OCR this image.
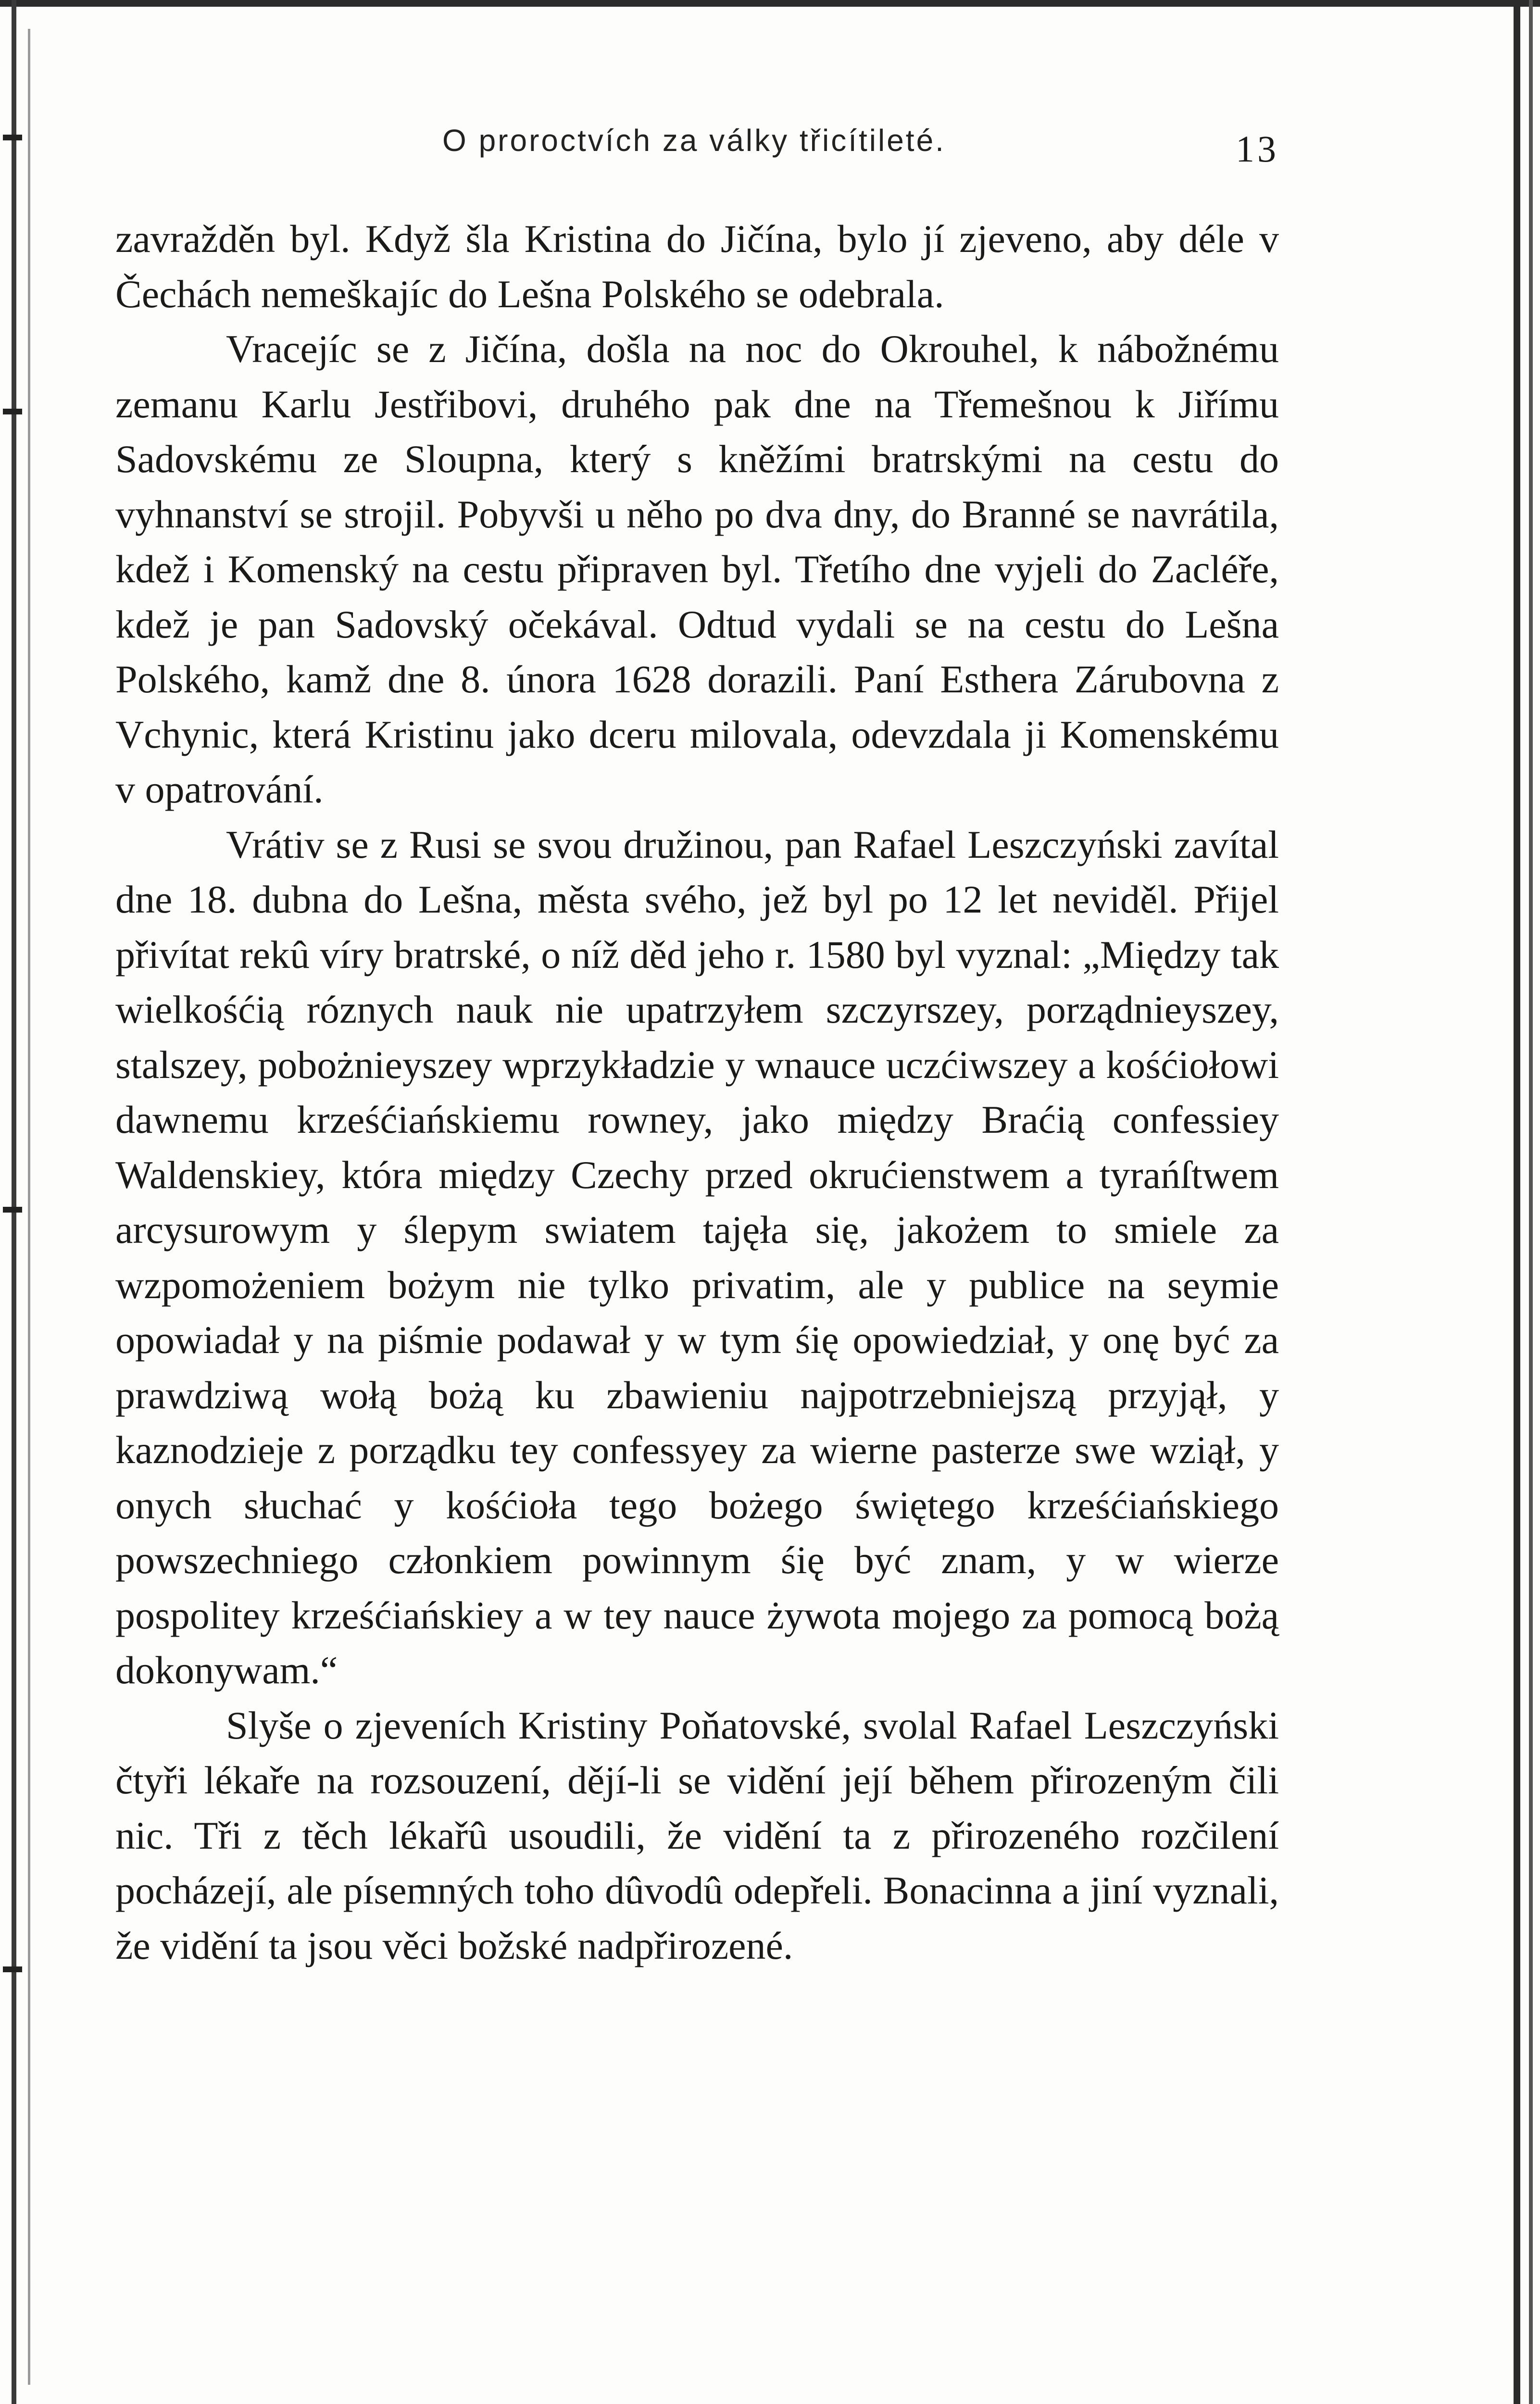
O proroctvích za války třicítileté.	13

zavražděn byl. Když šla Kristina do Jičína, bylo jí zjeveno, aby déle v Čechách nemeškajíc do Lešna Polského se odebrala.

Vracejíc se z Jičína, došla na noc do Okrouhel, k nábožnému zemanu Karlu Jestřibovi, druhého pak dne na Třemešnou k Jiřímu Sadovskému ze Sloupna, který s kněžími bratrskými na cestu do vyhnanství se strojil. Pobyvši u něho po dva dny, do Branné se navrátila, kdež i Komenský na cestu připraven byl. Třetího dne vyjeli do Zacléře, kdež je pan Sadovský očekával. Odtud vydali se na cestu do Lešna Polského, kamž dne 8. února 1628 dorazili. Paní Esthera Zárubovna z Vchynic, která Kristinu jako dceru milovala, odevzdala ji Komenskému v opatrování.

Vrátiv se z Rusi se svou družinou, pan Rafael Leszczyński zavítal dne 18. dubna do Lešna, města svého, jež byl po 12 let neviděl. Přijel přivítat rekû víry bratrské, o níž děd jeho r. 1580 byl vyznal: „Między tak wielkośćią róznych nauk nie upatrzyłem szczyrszey, porządnieyszey, stalszey, pobożnieyszey wprzykładzie y wnauce uczćiwszey a kośćiołowi dawnemu krześćiańskiemu rowney, jako między Braćią confessiey Waldenskiey, która między Czechy przed okrućienstwem a tyrańſtwem arcysurowym y ślepym swiatem tajęła się, jakożem to smiele za wzpomożeniem bożym nie tylko privatim, ale y publice na seymie opowiadał y na piśmie podawał y w tym śię opowiedział, y onę być za prawdziwą wołą bożą ku zbawieniu najpotrzebniejszą przyjął, y kaznodzieje z porządku tey confessyey za wierne pasterze swe wziął, y onych słuchać y kośćioła tego bożego świętego krześćiańskiego powszechniego członkiem powinnym śię być znam, y w wierze pospolitey krześćiańskiey a w tey nauce żywota mojego za pomocą bożą dokonywam.“

Slyše o zjeveních Kristiny Poňatovské, svolal Rafael Leszczyński čtyři lékaře na rozsouzení, dějí-li se vidění její během přirozeným čili nic. Tři z těch lékařû usoudili, že vidění ta z přirozeného rozčilení pocházejí, ale písemných toho dûvodû odepřeli. Bonacinna a jiní vyznali, že vidění ta jsou věci božské nadpřirozené.
